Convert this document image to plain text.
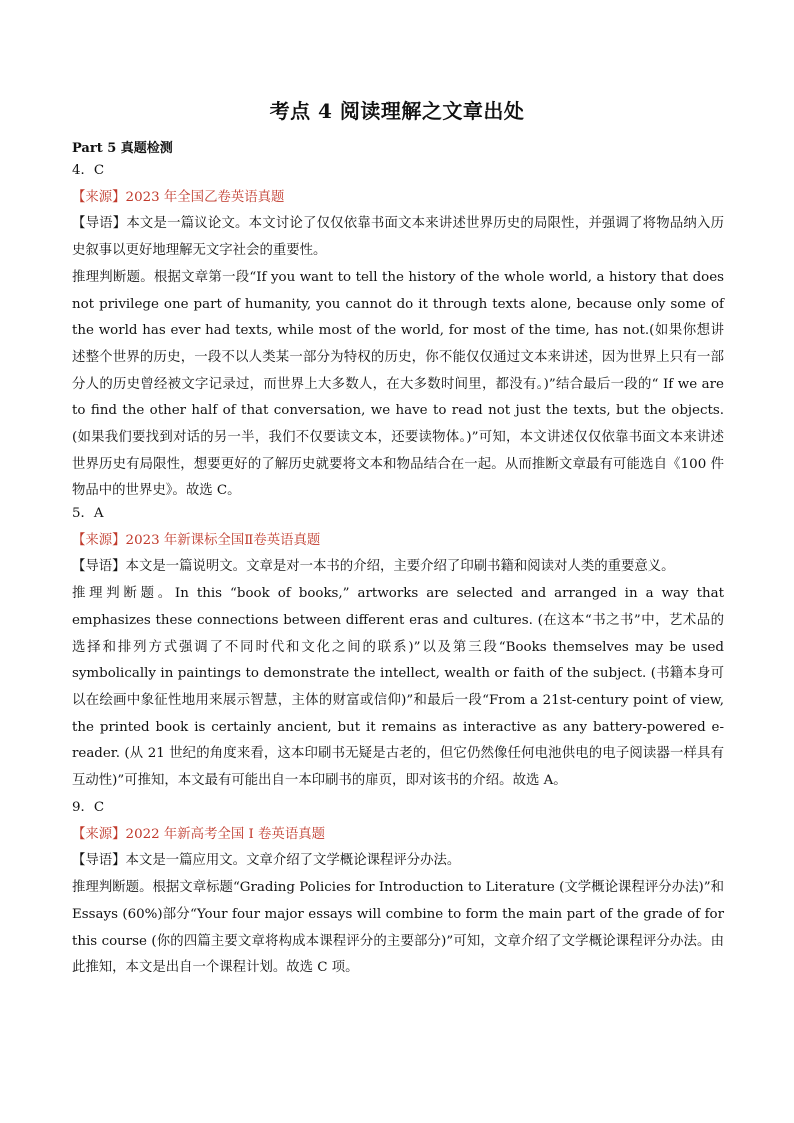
考点 4 阅读理解之文章出处
Part 5 真题检测
4．C
【来源】2023 年全国乙卷英语真题

【导语】本文是一篇议论文。本文讨论了仅仅依靠书面文本来讲述世界历史的局限性，并强调了将物品纳入历史叙事以更好地理解无文字社会的重要性。

推理判断题。根据文章第一段“If you want to tell the history of the whole world, a history that does not privilege one part of humanity, you cannot do it through texts alone, because only some of the world has ever had texts, while most of the world, for most of the time, has not.(如果你想讲述整个世界的历史，一段不以人类某一部分为特权的历史，你不能仅仅通过文本来讲述，因为世界上只有一部分人的历史曾经被文字记录过，而世界上大多数人，在大多数时间里，都没有。)”结合最后一段的“ If we are to find the other half of that conversation, we have to read not just the texts, but the objects. (如果我们要找到对话的另一半，我们不仅要读文本，还要读物体。)”可知，本文讲述仅仅依靠书面文本来讲述世界历史有局限性，想要更好的了解历史就要将文本和物品结合在一起。从而推断文章最有可能选自《100 件物品中的世界史》。故选 C。

5．A
【来源】2023 年新课标全国Ⅱ卷英语真题

【导语】本文是一篇说明文。文章是对一本书的介绍，主要介绍了印刷书籍和阅读对人类的重要意义。

推理判断题。In this “book of books,” artworks are selected and arranged in a way that emphasizes these connections between different eras and cultures. (在这本“书之书”中，艺术品的选择和排列方式强调了不同时代和文化之间的联系)”以及第三段“Books themselves may be used symbolically in paintings to demonstrate the intellect, wealth or faith of the subject. (书籍本身可以在绘画中象征性地用来展示智慧，主体的财富或信仰)”和最后一段“From a 21st-century point of view, the printed book is certainly ancient, but it remains as interactive as any battery-powered e-reader. (从 21 世纪的角度来看，这本印刷书无疑是古老的，但它仍然像任何电池供电的电子阅读器一样具有互动性)”可推知，本文最有可能出自一本印刷书的扉页，即对该书的介绍。故选 A。

9．C
【来源】2022 年新高考全国 I 卷英语真题

【导语】本文是一篇应用文。文章介绍了文学概论课程评分办法。

推理判断题。根据文章标题“Grading Policies for Introduction to Literature (文学概论课程评分办法)”和 Essays (60%)部分“Your four major essays will combine to form the main part of the grade of for this course (你的四篇主要文章将构成本课程评分的主要部分)”可知，文章介绍了文学概论课程评分办法。由此推知，本文是出自一个课程计划。故选 C 项。
